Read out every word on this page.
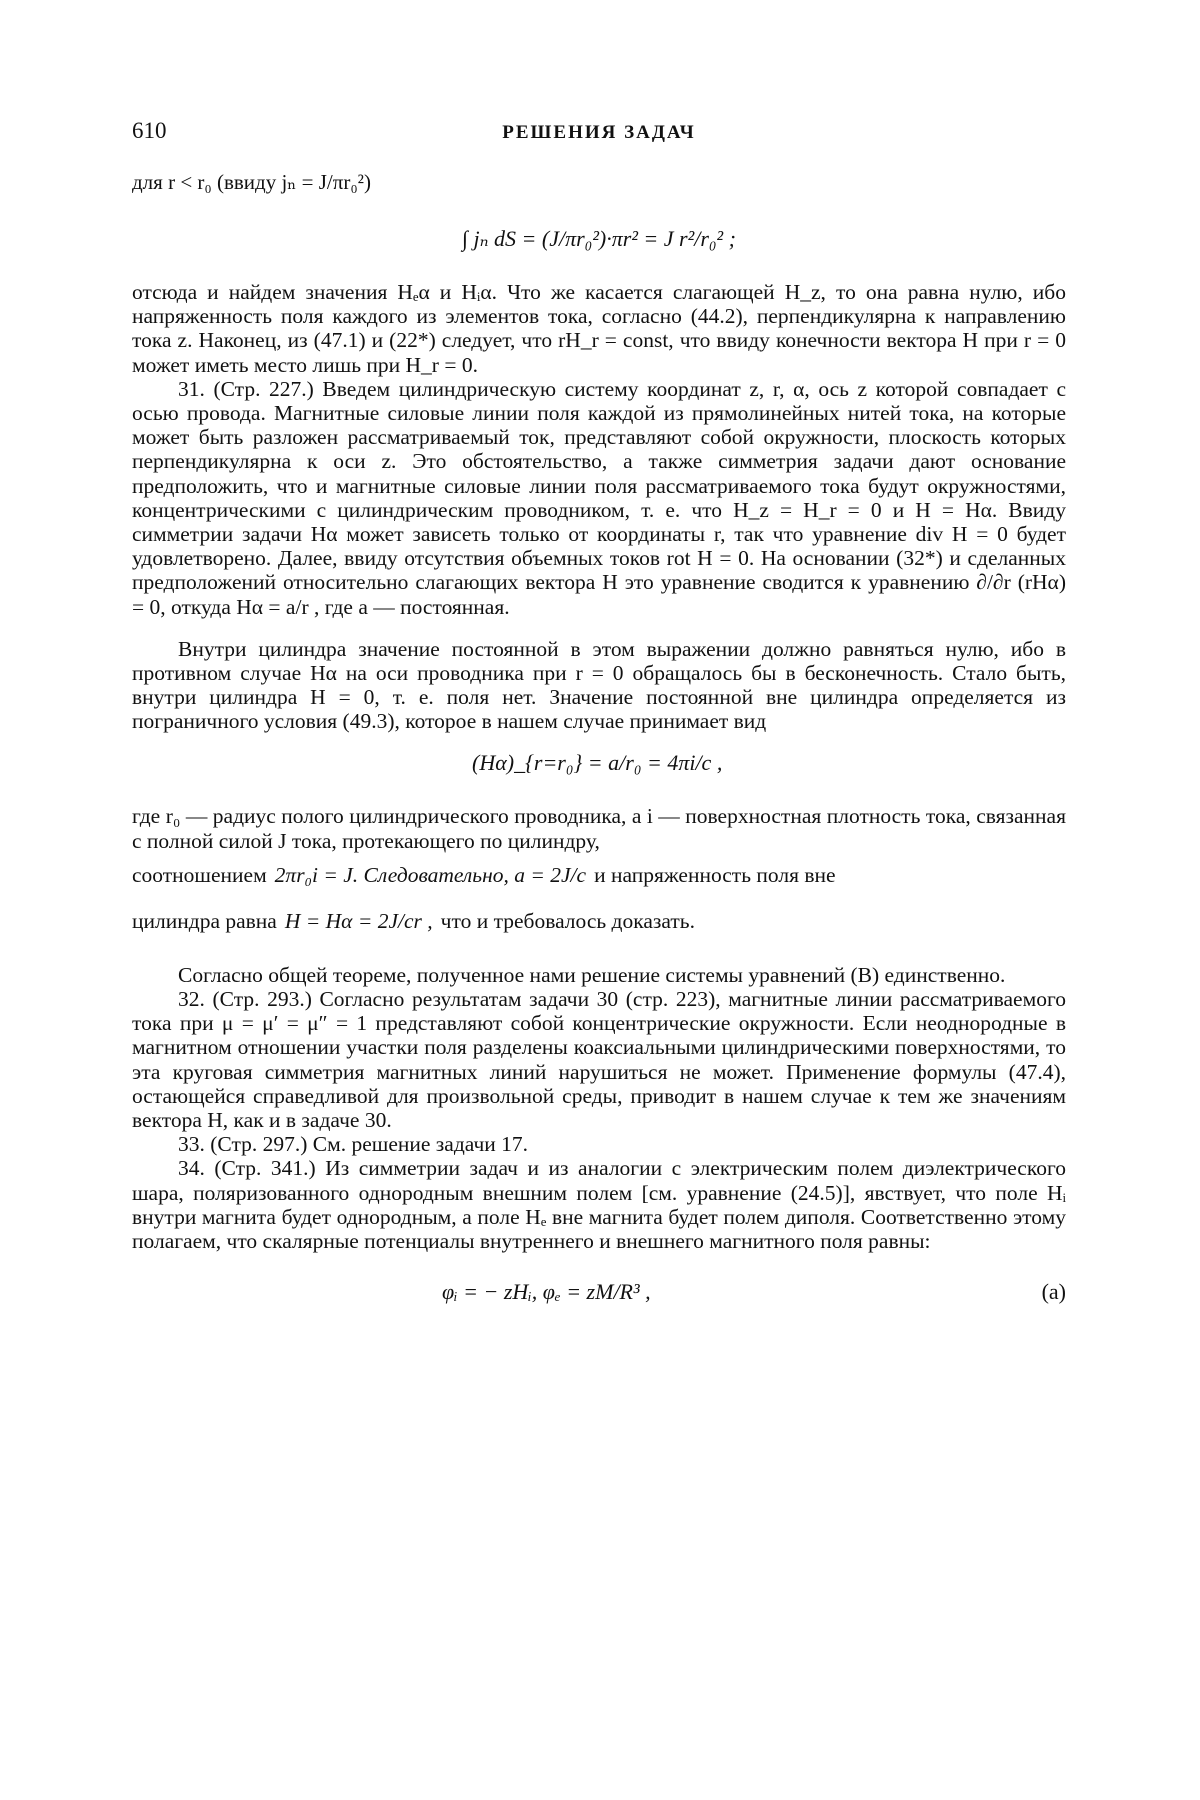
610	РЕШЕНИЯ ЗАДАЧ
для r < r₀ (ввиду jₙ = J/πr₀²)
∫ jₙ dS = (J/πr₀²)·πr² = J r²/r₀² ;

отсюда и найдем значения Hₑα и Hᵢα. Что же касается слагающей H_z, то она равна нулю, ибо напряженность поля каждого из элементов тока, согласно (44.2), перпендикулярна к направлению тока z. Наконец, из (47.1) и (22*) следует, что rH_r = const, что ввиду конечности вектора H при r = 0 может иметь место лишь при H_r = 0.

31. (Стр. 227.) Введем цилиндрическую систему координат z, r, α, ось z которой совпадает с осью провода. Магнитные силовые линии поля каждой из прямолинейных нитей тока, на которые может быть разложен рассматриваемый ток, представляют собой окружности, плоскость которых перпендикулярна к оси z. Это обстоятельство, а также симметрия задачи дают основание предположить, что и магнитные силовые линии поля рассматриваемого тока будут окружностями, концентрическими с цилиндрическим проводником, т. е. что H_z = H_r = 0 и H = Hα. Ввиду симметрии задачи Hα может зависеть только от координаты r, так что уравнение div H = 0 будет удовлетворено. Далее, ввиду отсутствия объемных токов rot H = 0. На основании (32*) и сделанных предположений относительно слагающих вектора H это уравнение сводится к уравнению ∂/∂r (rHα) = 0, откуда Hα = a/r , где a — постоянная.

Внутри цилиндра значение постоянной в этом выражении должно равняться нулю, ибо в противном случае Hα на оси проводника при r = 0 обращалось бы в бесконечность. Стало быть, внутри цилиндра H = 0, т. е. поля нет. Значение постоянной вне цилиндра определяется из пограничного условия (49.3), которое в нашем случае принимает вид

(Hα)_{r=r₀} = a/r₀ = 4πi/c ,

где r₀ — радиус полого цилиндрического проводника, а i — поверхностная плотность тока, связанная с полной силой J тока, протекающего по цилиндру,

соотношением 2πr₀i = J. Следовательно, a = 2J/c и напряженность поля вне
цилиндра равна H = Hα = 2J/cr , что и требовалось доказать.

Согласно общей теореме, полученное нами решение системы уравнений (B) единственно.

32. (Стр. 293.) Согласно результатам задачи 30 (стр. 223), магнитные линии рассматриваемого тока при μ = μ′ = μ″ = 1 представляют собой концентрические окружности. Если неоднородные в магнитном отношении участки поля разделены коаксиальными цилиндрическими поверхностями, то эта круговая симметрия магнитных линий нарушиться не может. Применение формулы (47.4), остающейся справедливой для произвольной среды, приводит в нашем случае к тем же значениям вектора H, как и в задаче 30.

33. (Стр. 297.) См. решение задачи 17.

34. (Стр. 341.) Из симметрии задач и из аналогии с электрическим полем диэлектрического шара, поляризованного однородным внешним полем [см. уравнение (24.5)], явствует, что поле Hᵢ внутри магнита будет однородным, а поле Hₑ вне магнита будет полем диполя. Соответственно этому полагаем, что скалярные потенциалы внутреннего и внешнего магнитного поля равны:

φᵢ = − zHᵢ, φₑ = zM/R³ ,	(a)
